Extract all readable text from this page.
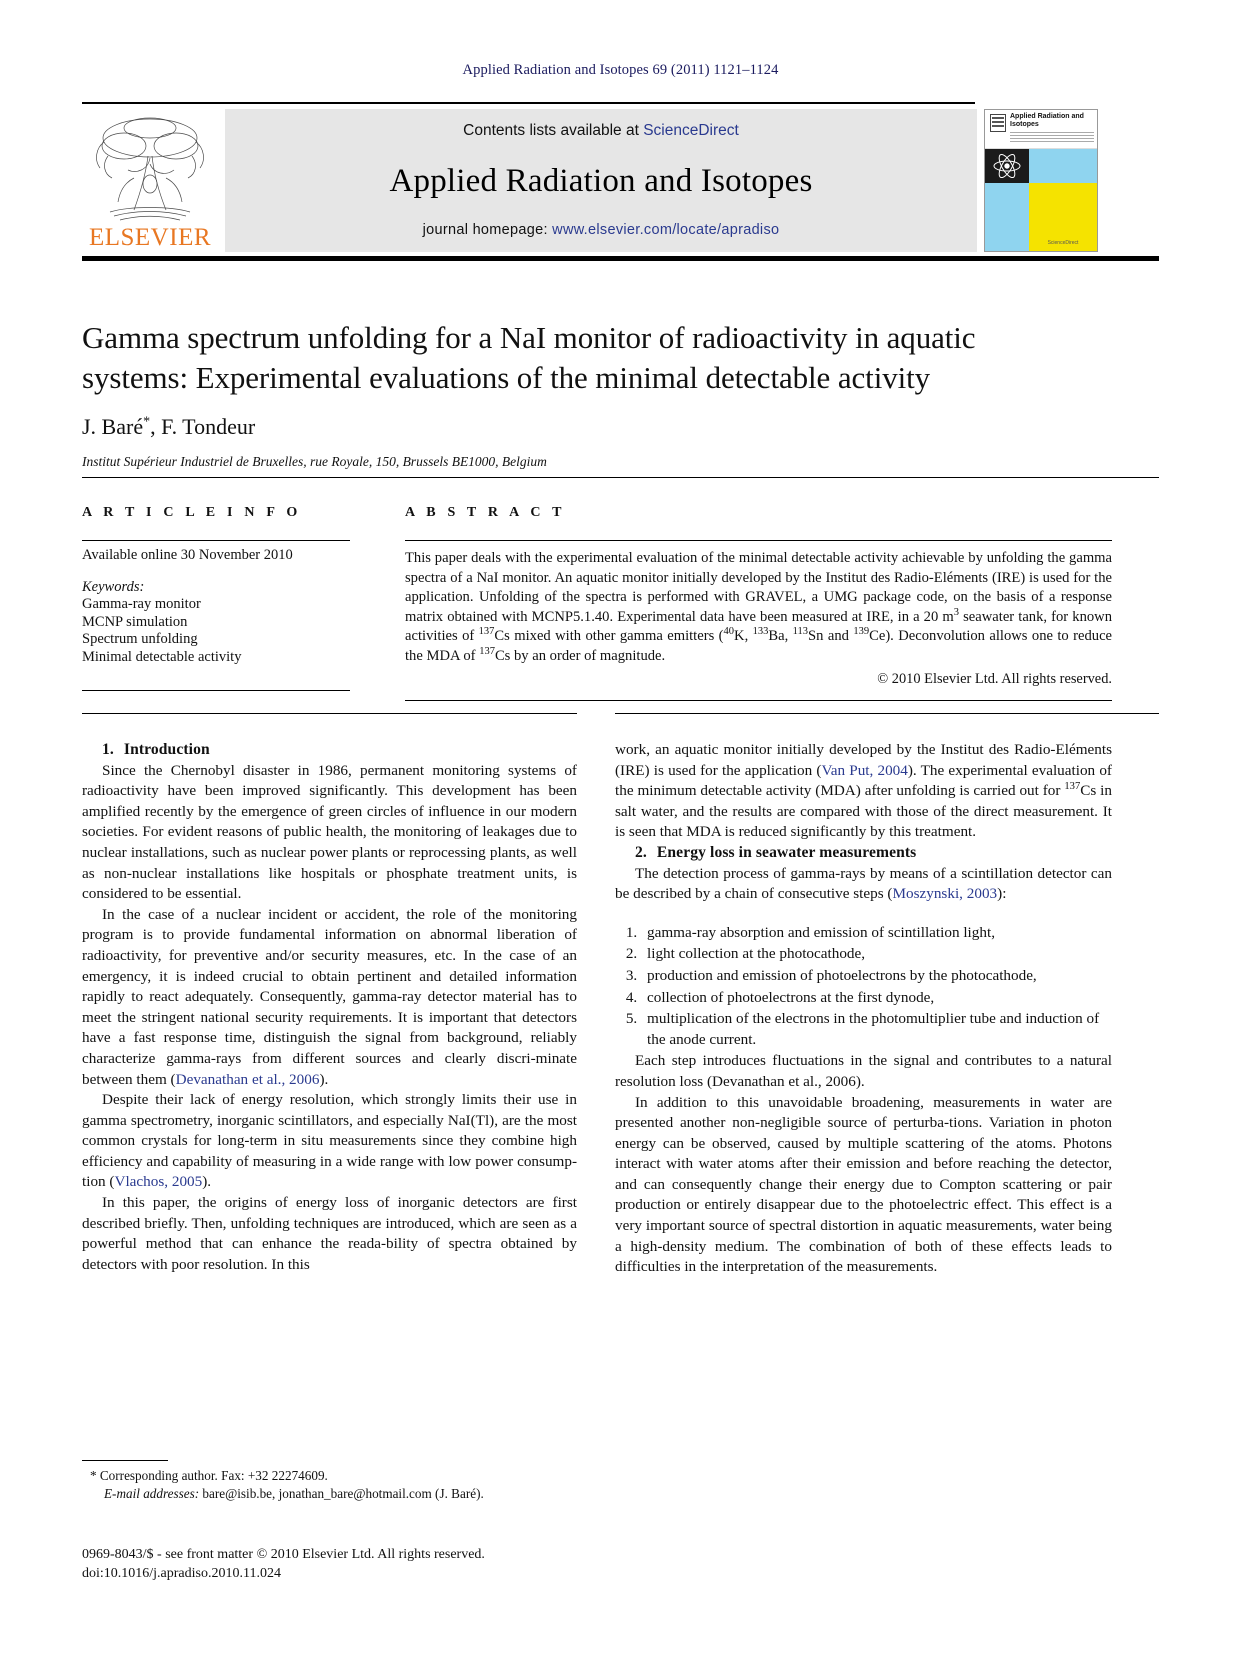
Applied Radiation and Isotopes 69 (2011) 1121–1124
ELSEVIER
Contents lists available at ScienceDirect
Applied Radiation and Isotopes
journal homepage: www.elsevier.com/locate/apradiso
Applied Radiation and Isotopes
ScienceDirect
Gamma spectrum unfolding for a NaI monitor of radioactivity in aquatic systems: Experimental evaluations of the minimal detectable activity
J. Baré*, F. Tondeur
Institut Supérieur Industriel de Bruxelles, rue Royale, 150, Brussels BE1000, Belgium
A R T I C L E I N F O
Available online 30 November 2010
Keywords:
Gamma-ray monitor
MCNP simulation
Spectrum unfolding
Minimal detectable activity
A B S T R A C T
This paper deals with the experimental evaluation of the minimal detectable activity achievable by unfolding the gamma spectra of a NaI monitor. An aquatic monitor initially developed by the Institut des Radio-Eléments (IRE) is used for the application. Unfolding of the spectra is performed with GRAVEL, a UMG package code, on the basis of a response matrix obtained with MCNP5.1.40. Experimental data have been measured at IRE, in a 20 $m^3$ seawater tank, for known activities of $^{137}$Cs mixed with other gamma emitters ($^{40}$K, $^{133}$Ba, $^{113}$Sn and $^{139}$Ce). Deconvolution allows one to reduce the MDA of $^{137}$Cs by an order of magnitude.
© 2010 Elsevier Ltd. All rights reserved.

1. Introduction

Since the Chernobyl disaster in 1986, permanent monitoring systems of radioactivity have been improved significantly. This development has been amplified recently by the emergence of green circles of influence in our modern societies. For evident reasons of public health, the monitoring of leakages due to nuclear installations, such as nuclear power plants or reprocessing plants, as well as non-nuclear installations like hospitals or phosphate treatment units, is considered to be essential.

In the case of a nuclear incident or accident, the role of the monitoring program is to provide fundamental information on abnormal liberation of radioactivity, for preventive and/or security measures, etc. In the case of an emergency, it is indeed crucial to obtain pertinent and detailed information rapidly to react adequately. Consequently, gamma-ray detector material has to meet the stringent national security requirements. It is important that detectors have a fast response time, distinguish the signal from background, reliably characterize gamma-rays from different sources and clearly discri-minate between them (Devanathan et al., 2006).

Despite their lack of energy resolution, which strongly limits their use in gamma spectrometry, inorganic scintillators, and especially NaI(Tl), are the most common crystals for long-term in situ measurements since they combine high efficiency and capability of measuring in a wide range with low power consump-tion (Vlachos, 2005).

In this paper, the origins of energy loss of inorganic detectors are first described briefly. Then, unfolding techniques are introduced, which are seen as a powerful method that can enhance the reada-bility of spectra obtained by detectors with poor resolution. In this

work, an aquatic monitor initially developed by the Institut des Radio-Eléments (IRE) is used for the application (Van Put, 2004). The experimental evaluation of the minimum detectable activity (MDA) after unfolding is carried out for $^{137}$Cs in salt water, and the results are compared with those of the direct measurement. It is seen that MDA is reduced significantly by this treatment.

2. Energy loss in seawater measurements

The detection process of gamma-rays by means of a scintillation detector can be described by a chain of consecutive steps (Moszynski, 2003):

1. gamma-ray absorption and emission of scintillation light,
2. light collection at the photocathode,
3. production and emission of photoelectrons by the photocathode,
4. collection of photoelectrons at the first dynode,
5. multiplication of the electrons in the photomultiplier tube and induction of the anode current.

Each step introduces fluctuations in the signal and contributes to a natural resolution loss (Devanathan et al., 2006).

In addition to this unavoidable broadening, measurements in water are presented another non-negligible source of perturba-tions. Variation in photon energy can be observed, caused by multiple scattering of the atoms. Photons interact with water atoms after their emission and before reaching the detector, and can consequently change their energy due to Compton scattering or pair production or entirely disappear due to the photoelectric effect. This effect is a very important source of spectral distortion in aquatic measurements, water being a high-density medium. The combination of both of these effects leads to difficulties in the interpretation of the measurements.

* Corresponding author. Fax: +32 22274609.
E-mail addresses: bare@isib.be, jonathan_bare@hotmail.com (J. Baré).
0969-8043/$ - see front matter © 2010 Elsevier Ltd. All rights reserved.
doi:10.1016/j.apradiso.2010.11.024
